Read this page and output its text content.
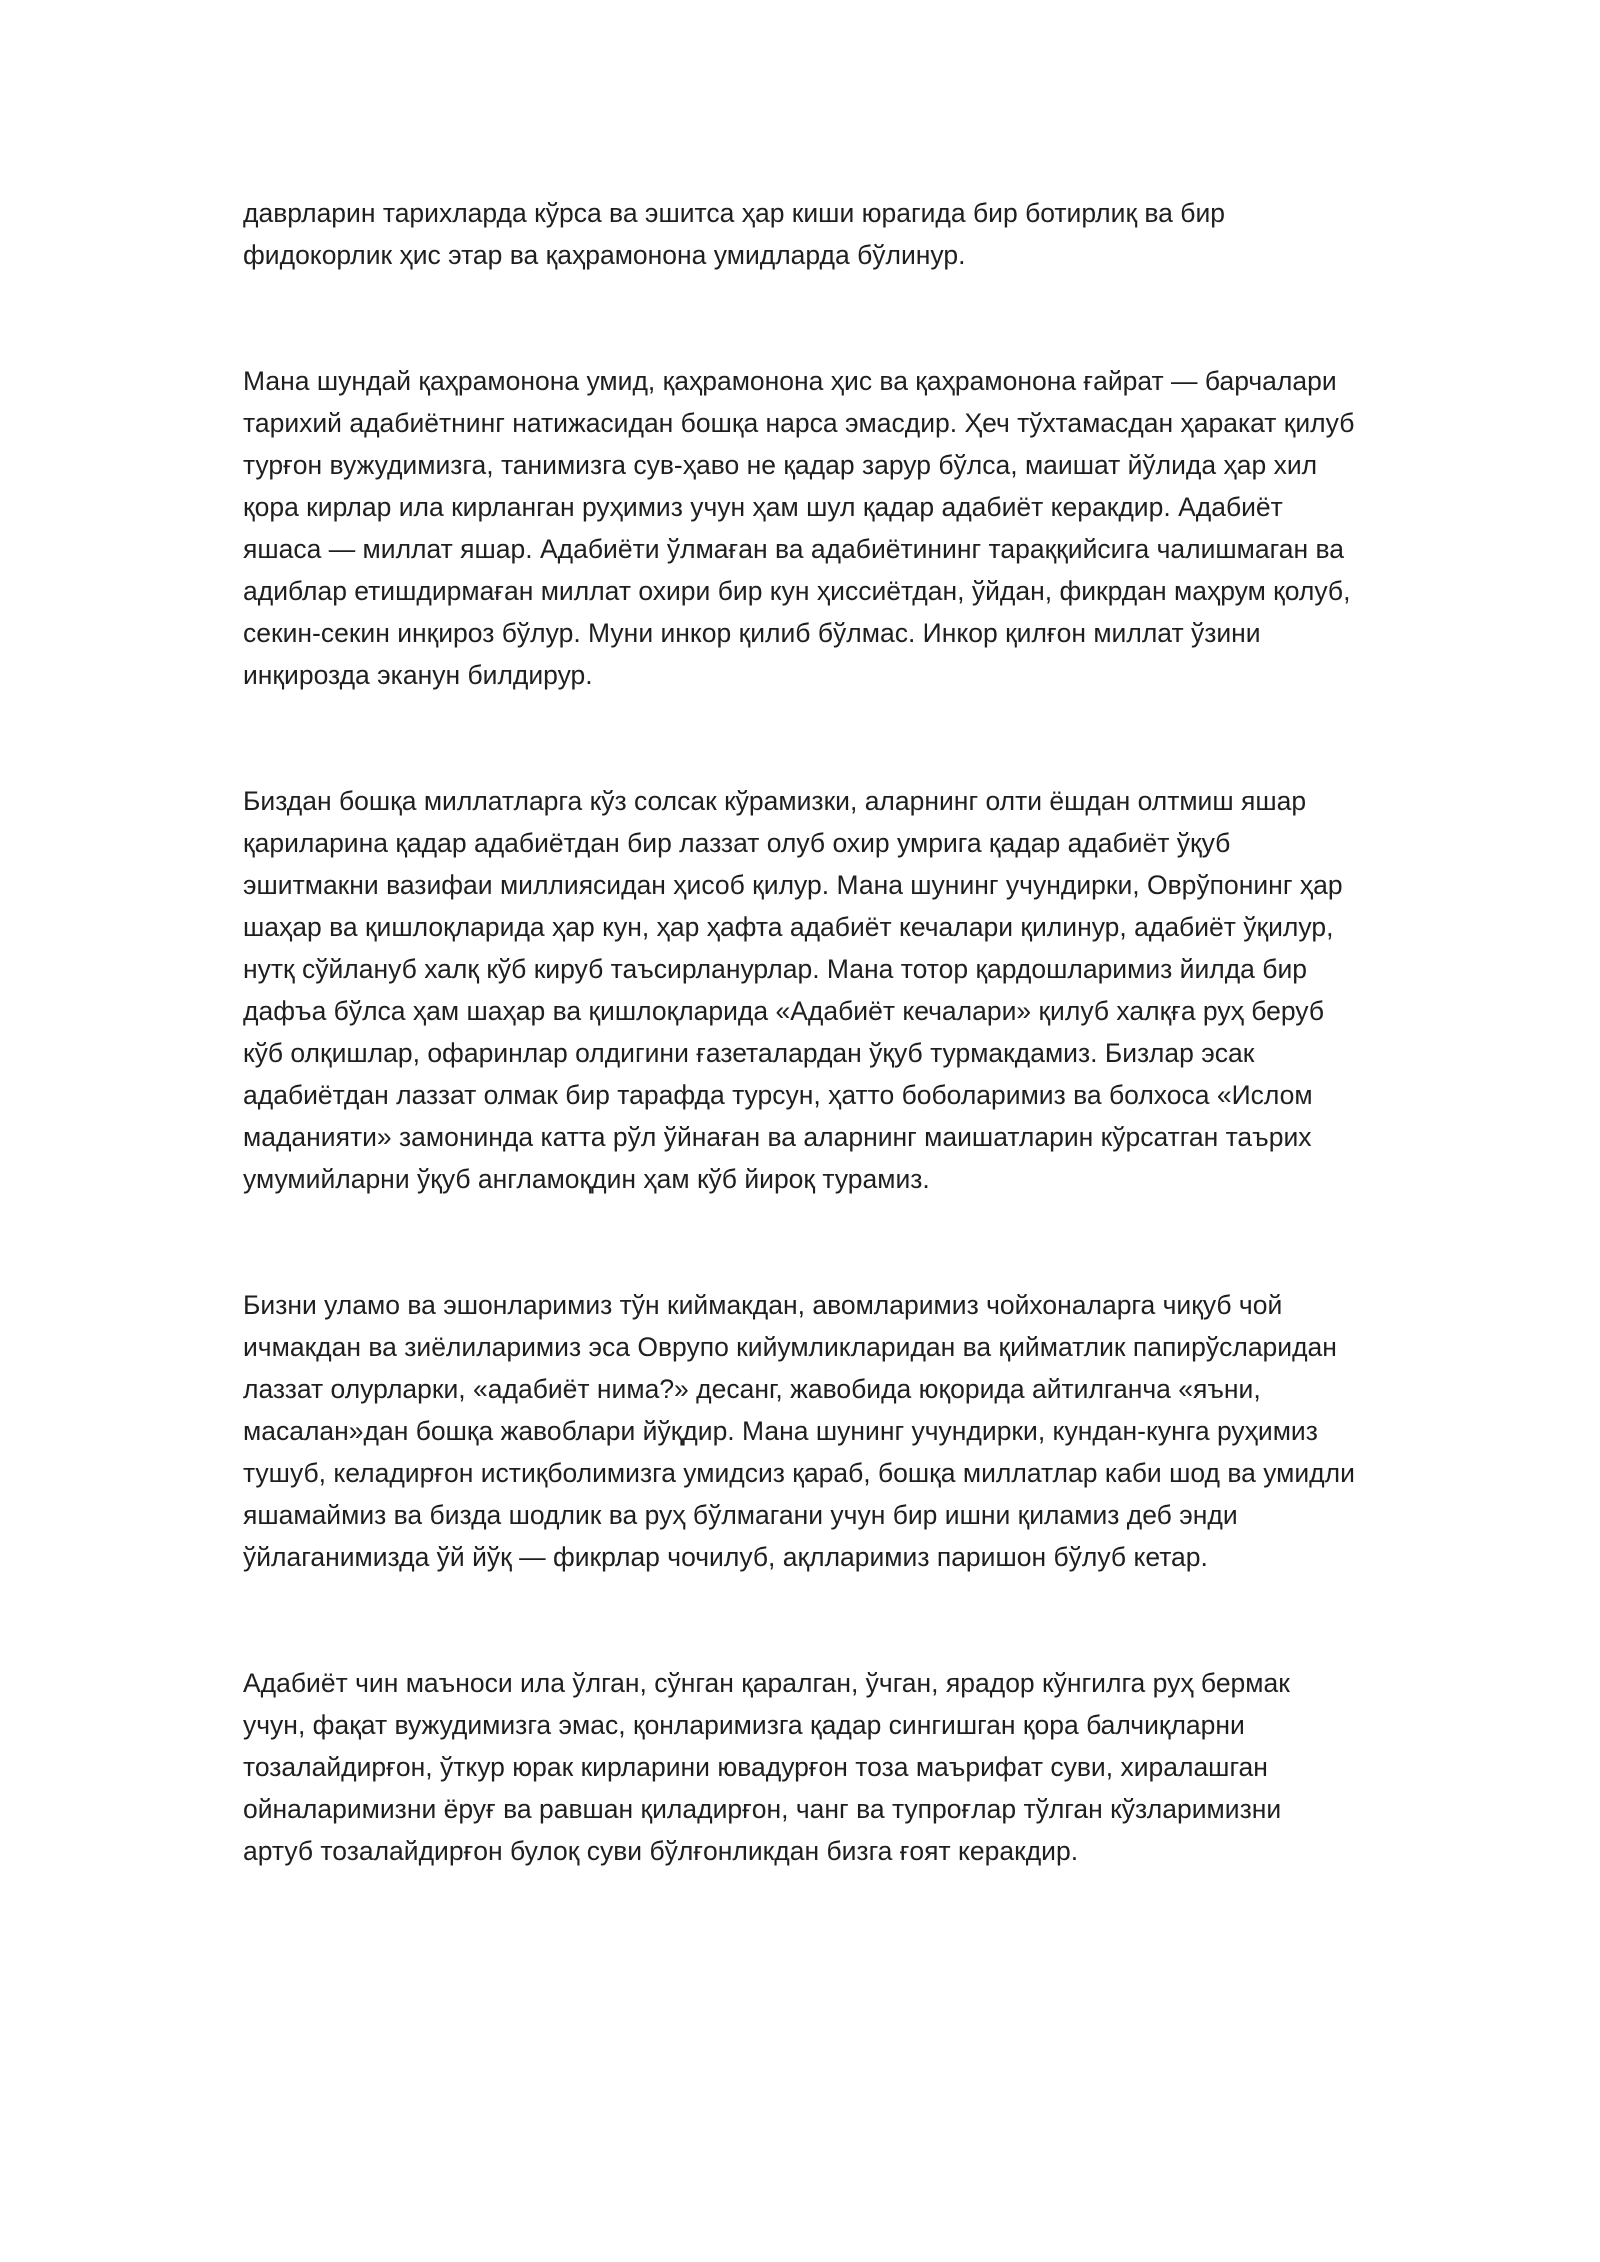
даврларин тарихларда кўрса ва эшитса ҳар киши юрагида бир ботирлиқ ва бир фидокорлик ҳис этар ва қаҳрамонона умидларда бўлинур.

Мана шундай қаҳрамонона умид, қаҳрамонона ҳис ва қаҳрамонона ғайрат — барчалари тарихий адабиётнинг натижасидан бошқа нарса эмасдир. Ҳеч тўхтамасдан ҳаракат қилуб турғон вужудимизга, танимизга сув-ҳаво не қадар зарур бўлса, маишат йўлида ҳар хил қора кирлар ила кирланган руҳимиз учун ҳам шул қадар адабиёт керакдир. Адабиёт яшаса — миллат яшар. Адабиёти ўлмаған ва адабиётининг тараққийсига чалишмаган ва адиблар етишдирмаған миллат охири бир кун ҳиссиётдан, ўйдан, фикрдан маҳрум қолуб, секин-секин инқироз бўлур. Муни инкор қилиб бўлмас. Инкор қилғон миллат ўзини инқирозда эканун билдирур.

Биздан бошқа миллатларга кўз солсак кўрамизки, аларнинг олти ёшдан олтмиш яшар қариларина қадар адабиётдан бир лаззат олуб охир умрига қадар адабиёт ўқуб эшитмакни вазифаи миллиясидан ҳисоб қилур. Мана шунинг учундирки, Оврўпонинг ҳар шаҳар ва қишлоқларида ҳар кун, ҳар ҳафта адабиёт кечалари қилинур, адабиёт ўқилур, нутқ сўйлануб халқ кўб кируб таъсирланурлар. Мана тотор қардошларимиз йилда бир дафъа бўлса ҳам шаҳар ва қишлоқларида «Адабиёт кечалари» қилуб халқға руҳ беруб кўб олқишлар, офаринлар олдигини ғазеталардан ўқуб турмакдамиз. Бизлар эсак адабиётдан лаззат олмак бир тарафда турсун, ҳатто боболаримиз ва болхоса «Ислом маданияти» замонинда катта рўл ўйнаған ва аларнинг маишатларин кўрсатган таърих умумийларни ўқуб англамоқдин ҳам кўб йироқ турамиз.

Бизни уламо ва эшонларимиз тўн киймакдан, авомларимиз чойхоналарга чиқуб чой ичмакдан ва зиёлиларимиз эса Оврупо кийумликларидан ва қийматлик папирўсларидан лаззат олурларки, «адабиёт нима?» десанг, жавобида юқорида айтилганча «яъни, масалан»дан бошқа жавоблари йўқдир. Мана шунинг учундирки, кундан-кунга руҳимиз тушуб, келадирғон истиқболимизга умидсиз қараб, бошқа миллатлар каби шод ва умидли яшамаймиз ва бизда шодлик ва руҳ бўлмагани учун бир ишни қиламиз деб энди ўйлаганимизда ўй йўқ — фикрлар чочилуб, ақлларимиз паришон бўлуб кетар.

Адабиёт чин маъноси ила ўлган, сўнган қаралган, ўчган, ярадор кўнгилга руҳ бермак учун, фақат вужудимизга эмас, қонларимизга қадар сингишган қора балчиқларни тозалайдирғон, ўткур юрак кирларини ювадурғон тоза маърифат суви, хиралашган ойналаримизни ёруғ ва равшан қиладирғон, чанг ва тупроғлар тўлган кўзларимизни артуб тозалайдирғон булоқ суви бўлғонликдан бизга ғоят керакдир.
